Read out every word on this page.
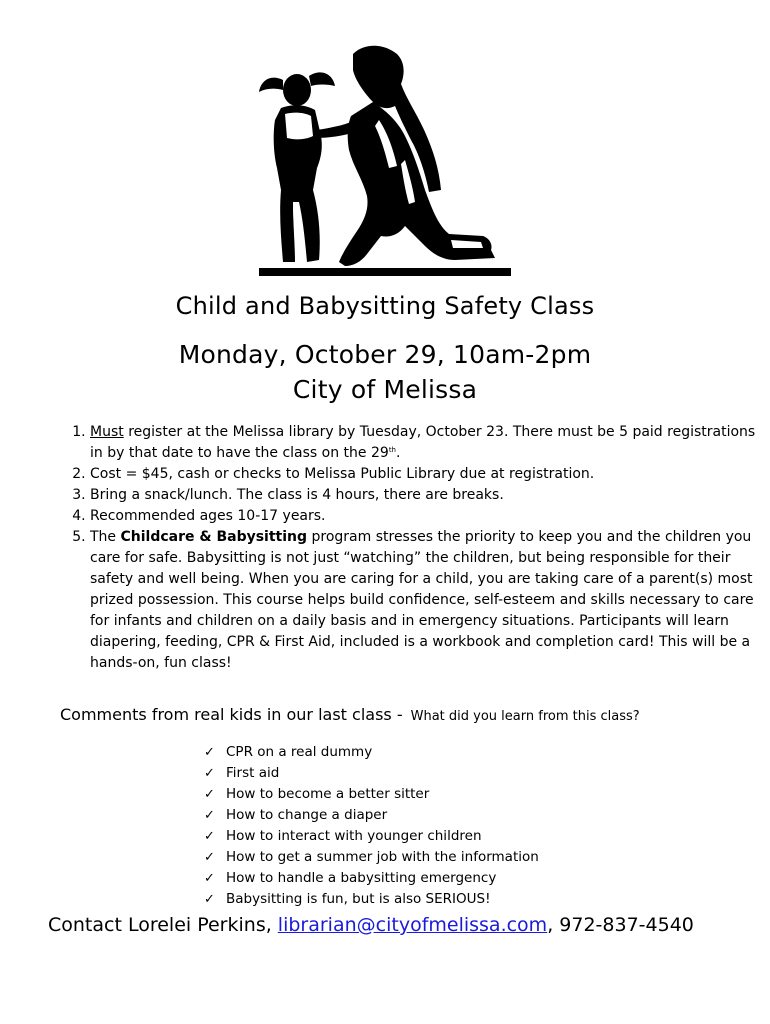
Child and Babysitting Safety Class
Monday, October 29, 10am-2pm
City of Melissa
1. Must register at the Melissa library by Tuesday, October 23. There must be 5 paid registrations in by that date to have the class on the 29th.
2. Cost = $45, cash or checks to Melissa Public Library due at registration.
3. Bring a snack/lunch. The class is 4 hours, there are breaks.
4. Recommended ages 10-17 years.
5. The Childcare & Babysitting program stresses the priority to keep you and the children you care for safe. Babysitting is not just “watching” the children, but being responsible for their safety and well being. When you are caring for a child, you are taking care of a parent(s) most prized possession. This course helps build confidence, self-esteem and skills necessary to care for infants and children on a daily basis and in emergency situations. Participants will learn diapering, feeding, CPR & First Aid, included is a workbook and completion card! This will be a hands-on, fun class!
Comments from real kids in our last class - What did you learn from this class?
✓ CPR on a real dummy
✓ First aid
✓ How to become a better sitter
✓ How to change a diaper
✓ How to interact with younger children
✓ How to get a summer job with the information
✓ How to handle a babysitting emergency
✓ Babysitting is fun, but is also SERIOUS!
Contact Lorelei Perkins, librarian@cityofmelissa.com, 972-837-4540
